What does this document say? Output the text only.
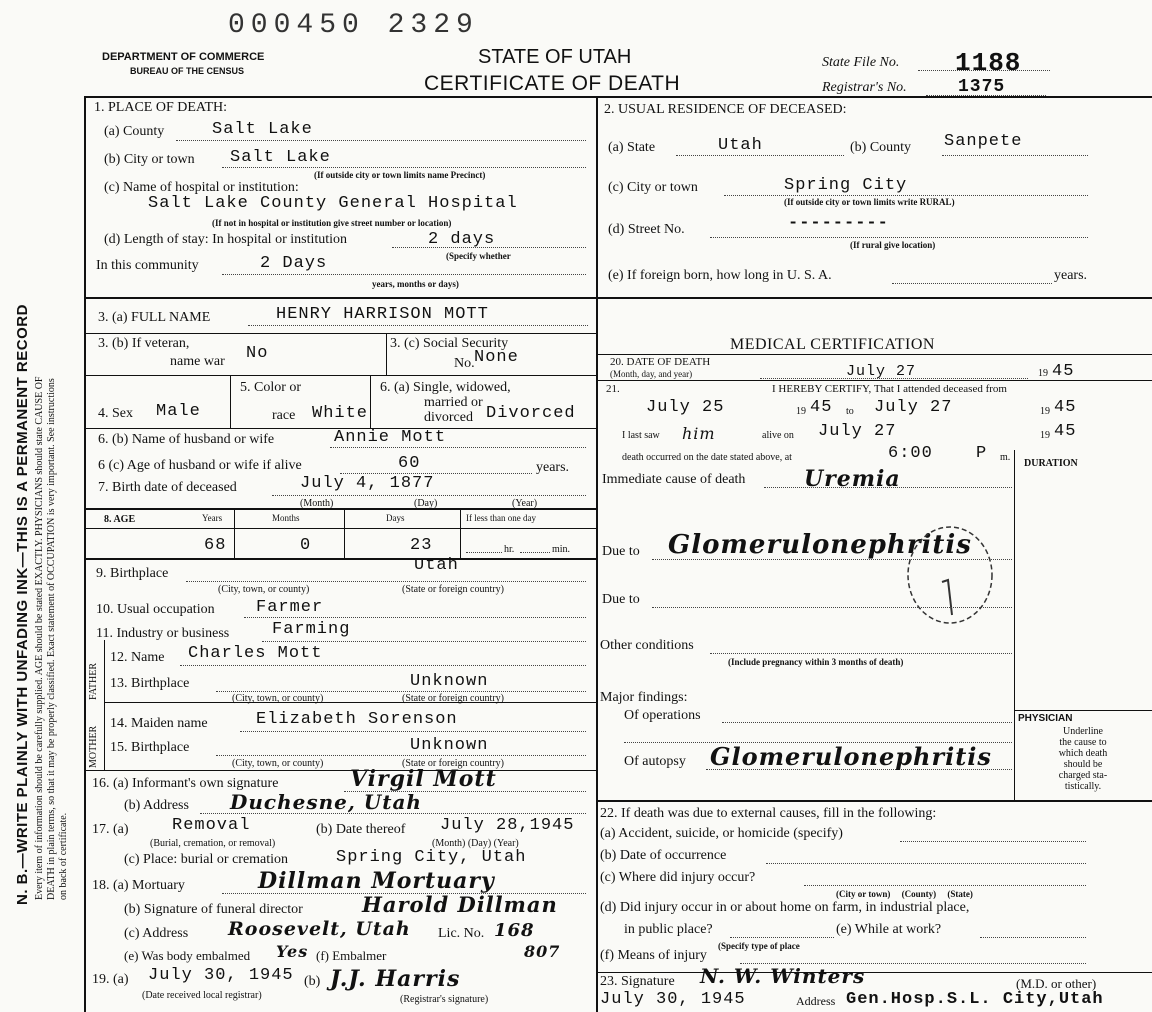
N. B.—WRITE PLAINLY WITH UNFADING INK—THIS IS A PERMANENT RECORD Every item of information should be carefully supplied. AGE should be stated EXACTLY. PHYSICIANS should state CAUSE OF DEATH in plain terms, so that it may be properly classified. Exact statement of OCCUPATION is very important. See instructions on back of certificate.
000450 2329
DEPARTMENT OF COMMERCE
BUREAU OF THE CENSUS
STATE OF UTAH
CERTIFICATE OF DEATH
State File No. 1188
Registrar's No.	1375
1. PLACE OF DEATH:
(a) County	Salt Lake
(b) City or town Salt Lake
(If outside city or town limits name Precinct)
(c) Name of hospital or institution:
Salt Lake County General Hospital
(If not in hospital or institution give street number or location)
(d) Length of stay: In hospital or institution	2 days
(Specify whether
In this community	2 Days
years, months or days)
2. USUAL RESIDENCE OF DECEASED:
(a) State	Utah	(b) County Sanpete
(c) City or town	Spring City
(If outside city or town limits write RURAL)
(d) Street No.	---------
(If rural give location)
(e) If foreign born, how long in U. S. A.	years.
3. (a) FULL NAME	HENRY HARRISON MOTT
3. (b) If veteran,
name war No
3. (c) Social Security
No. None
4. Sex Male
5. Color or
race White
6. (a) Single, widowed,
married or
divorced Divorced
6. (b) Name of husband or wife	Annie Mott
6 (c) Age of husband or wife if alive	60	years.
7. Birth date of deceased	July 4, 1877
(Month)	(Day)	(Year)
8. AGE	Years	Months	Days	If less than one day
68	0	23	hr.	min.
9. Birthplace	Utah
(City, town, or county)	(State or foreign country)
10. Usual occupation Farmer
11. Industry or business	Farming
FATHER
MOTHER
12. Name Charles Mott
13. Birthplace	Unknown
(City, town, or county)	(State or foreign country)
14. Maiden name	Elizabeth Sorenson
15. Birthplace	Unknown
(City, town, or county)	(State or foreign country)
16. (a) Informant's own signature	Virgil Mott
(b) Address Duchesne, Utah
17. (a)	Removal
(Burial, cremation, or removal)
(b) Date thereof July 28,1945
(Month) (Day) (Year)
(c) Place: burial or cremation	Spring City, Utah
18. (a) Mortuary	Dillman Mortuary
(b) Signature of funeral director	Harold Dillman
(c) Address Roosevelt, Utah Lic. No. 168
(e) Was body embalmed Yes (f) Embalmer	807
19. (a) July 30, 1945
(Date received local registrar)
(b) J.J. Harris
(Registrar's signature)
MEDICAL CERTIFICATION
20. DATE OF DEATH
(Month, day, and year)	July 27	19 45
21.	I HEREBY CERTIFY, That I attended deceased from
July 25	19 45 to July 27	19 45
I last saw him	alive on July 27	19 45
death occurred on the date stated above, at	6:00	P m.
DURATION
Immediate cause of death	Uremia
Due to Glomerulonephritis
Due to
Other conditions
(Include pregnancy within 3 months of death)
Major findings:
Of operations
Of autopsy Glomerulonephritis
PHYSICIAN
Underline
the cause to
which death
should be
charged sta-
tistically.
22. If death was due to external causes, fill in the following:
(a) Accident, suicide, or homicide (specify)
(b) Date of occurrence
(c) Where did injury occur?
(City or town)     (County)     (State)
(d) Did injury occur in or about home on farm, in industrial place,
in public place?
(Specify type of place
(e) While at work?
(f) Means of injury
23. Signature N. W. Winters	(M.D. or other)
July 30, 1945	Address Gen.Hosp.S.L. City,Utah
